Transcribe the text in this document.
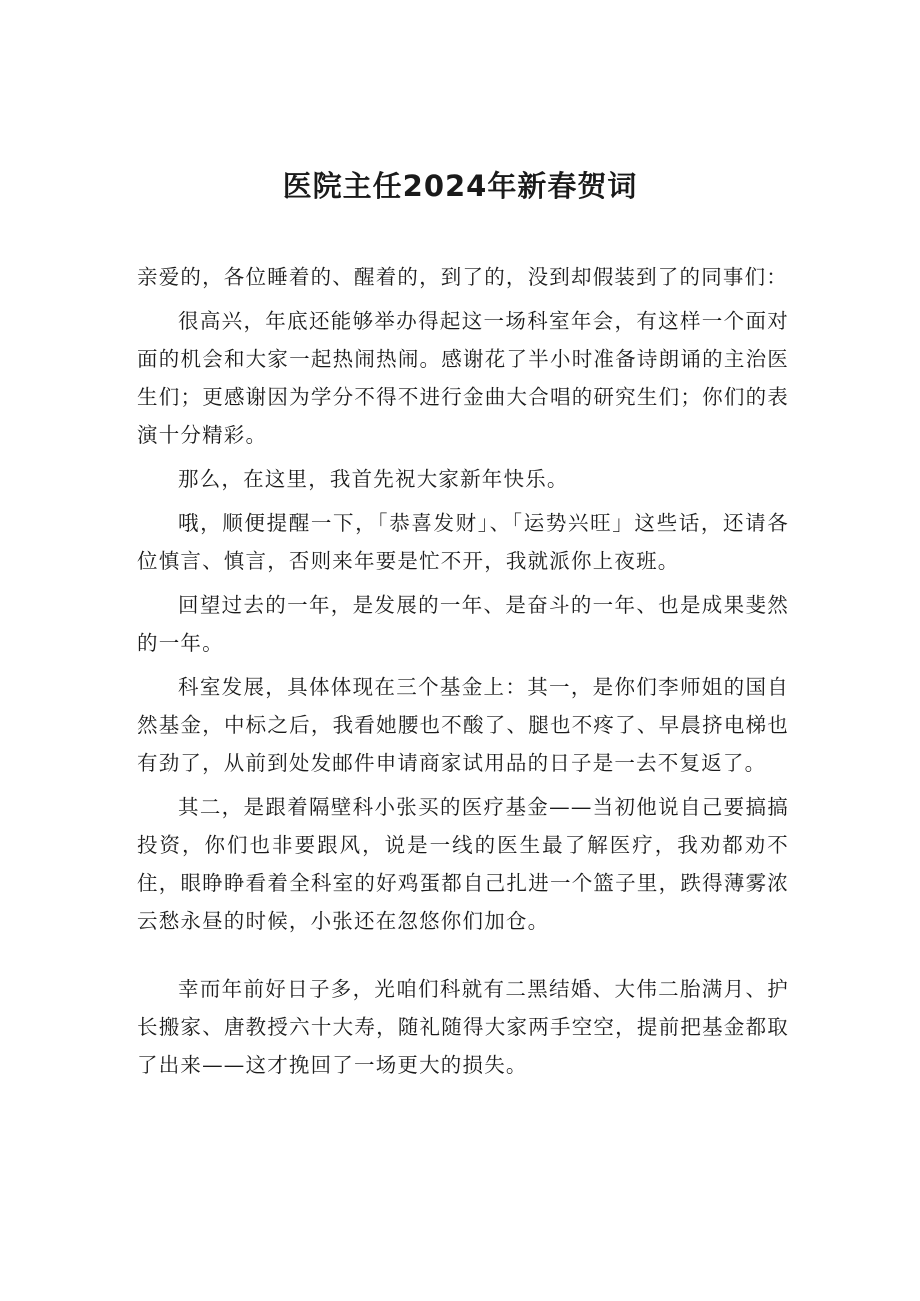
医院主任2024年新春贺词

亲爱的，各位睡着的、醒着的，到了的，没到却假装到了的同事们：

很高兴，年底还能够举办得起这一场科室年会，有这样一个面对面的机会和大家一起热闹热闹。感谢花了半小时准备诗朗诵的主治医生们；更感谢因为学分不得不进行金曲大合唱的研究生们；你们的表演十分精彩。

那么，在这里，我首先祝大家新年快乐。

哦，顺便提醒一下，「恭喜发财」、「运势兴旺」这些话，还请各位慎言、慎言，否则来年要是忙不开，我就派你上夜班。

回望过去的一年，是发展的一年、是奋斗的一年、也是成果斐然的一年。

科室发展，具体体现在三个基金上：其一，是你们李师姐的国自然基金，中标之后，我看她腰也不酸了、腿也不疼了、早晨挤电梯也有劲了，从前到处发邮件申请商家试用品的日子是一去不复返了。

其二，是跟着隔壁科小张买的医疗基金——当初他说自己要搞搞投资，你们也非要跟风，说是一线的医生最了解医疗，我劝都劝不住，眼睁睁看着全科室的好鸡蛋都自己扎进一个篮子里，跌得薄雾浓云愁永昼的时候，小张还在忽悠你们加仓。

幸而年前好日子多，光咱们科就有二黑结婚、大伟二胎满月、护长搬家、唐教授六十大寿，随礼随得大家两手空空，提前把基金都取了出来——这才挽回了一场更大的损失。
